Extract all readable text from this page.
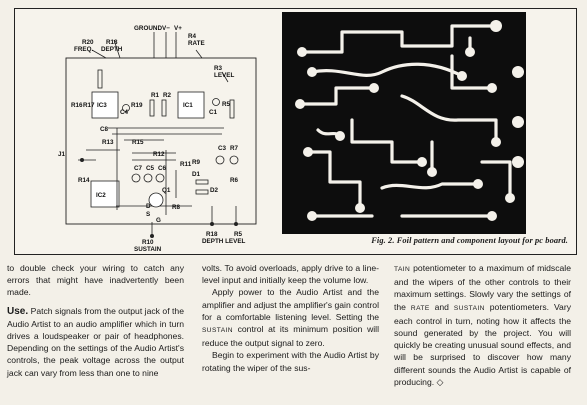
R20
FREQ.
R18
DEPTH
GROUND V− V+
R4
RATE
R3
LEVEL
R16 R17 IC3
C4
R19
R1 R2
IC1
C1
R5
C8
R13	R15
R12
J1
C7 C5 C6
R11
C3 R7
R14
R9
D1
D2
R6
IC2
Q1
R8
D
S
G
R10
SUSTAIN
R18
DEPTH LEVEL
R5
Fig. 2. Foil pattern and component layout for pc board.

to double check your wiring to catch any errors that might have inadvertently been made.

Use. Patch signals from the output jack of the Audio Artist to an audio amplifier which in turn drives a loudspeaker or pair of headphones. Depending on the settings of the Audio Artist's controls, the peak voltage across the output jack can vary from less than one to nine

volts. To avoid overloads, apply drive to a line-level input and initially keep the volume low.

Apply power to the Audio Artist and the amplifier and adjust the amplifier's gain control for a comfortable listening level. Setting the SUSTAIN control at its minimum position will reduce the output signal to zero.

Begin to experiment with the Audio Artist by rotating the wiper of the sus-

TAIN potentiometer to a maximum of midscale and the wipers of the other controls to their maximum settings. Slowly vary the settings of the RATE and SUSTAIN potentiometers. Vary each control in turn, noting how it affects the sound generated by the project. You will quickly be creating unusual sound effects, and will be surprised to discover how many different sounds the Audio Artist is capable of producing. ◇
